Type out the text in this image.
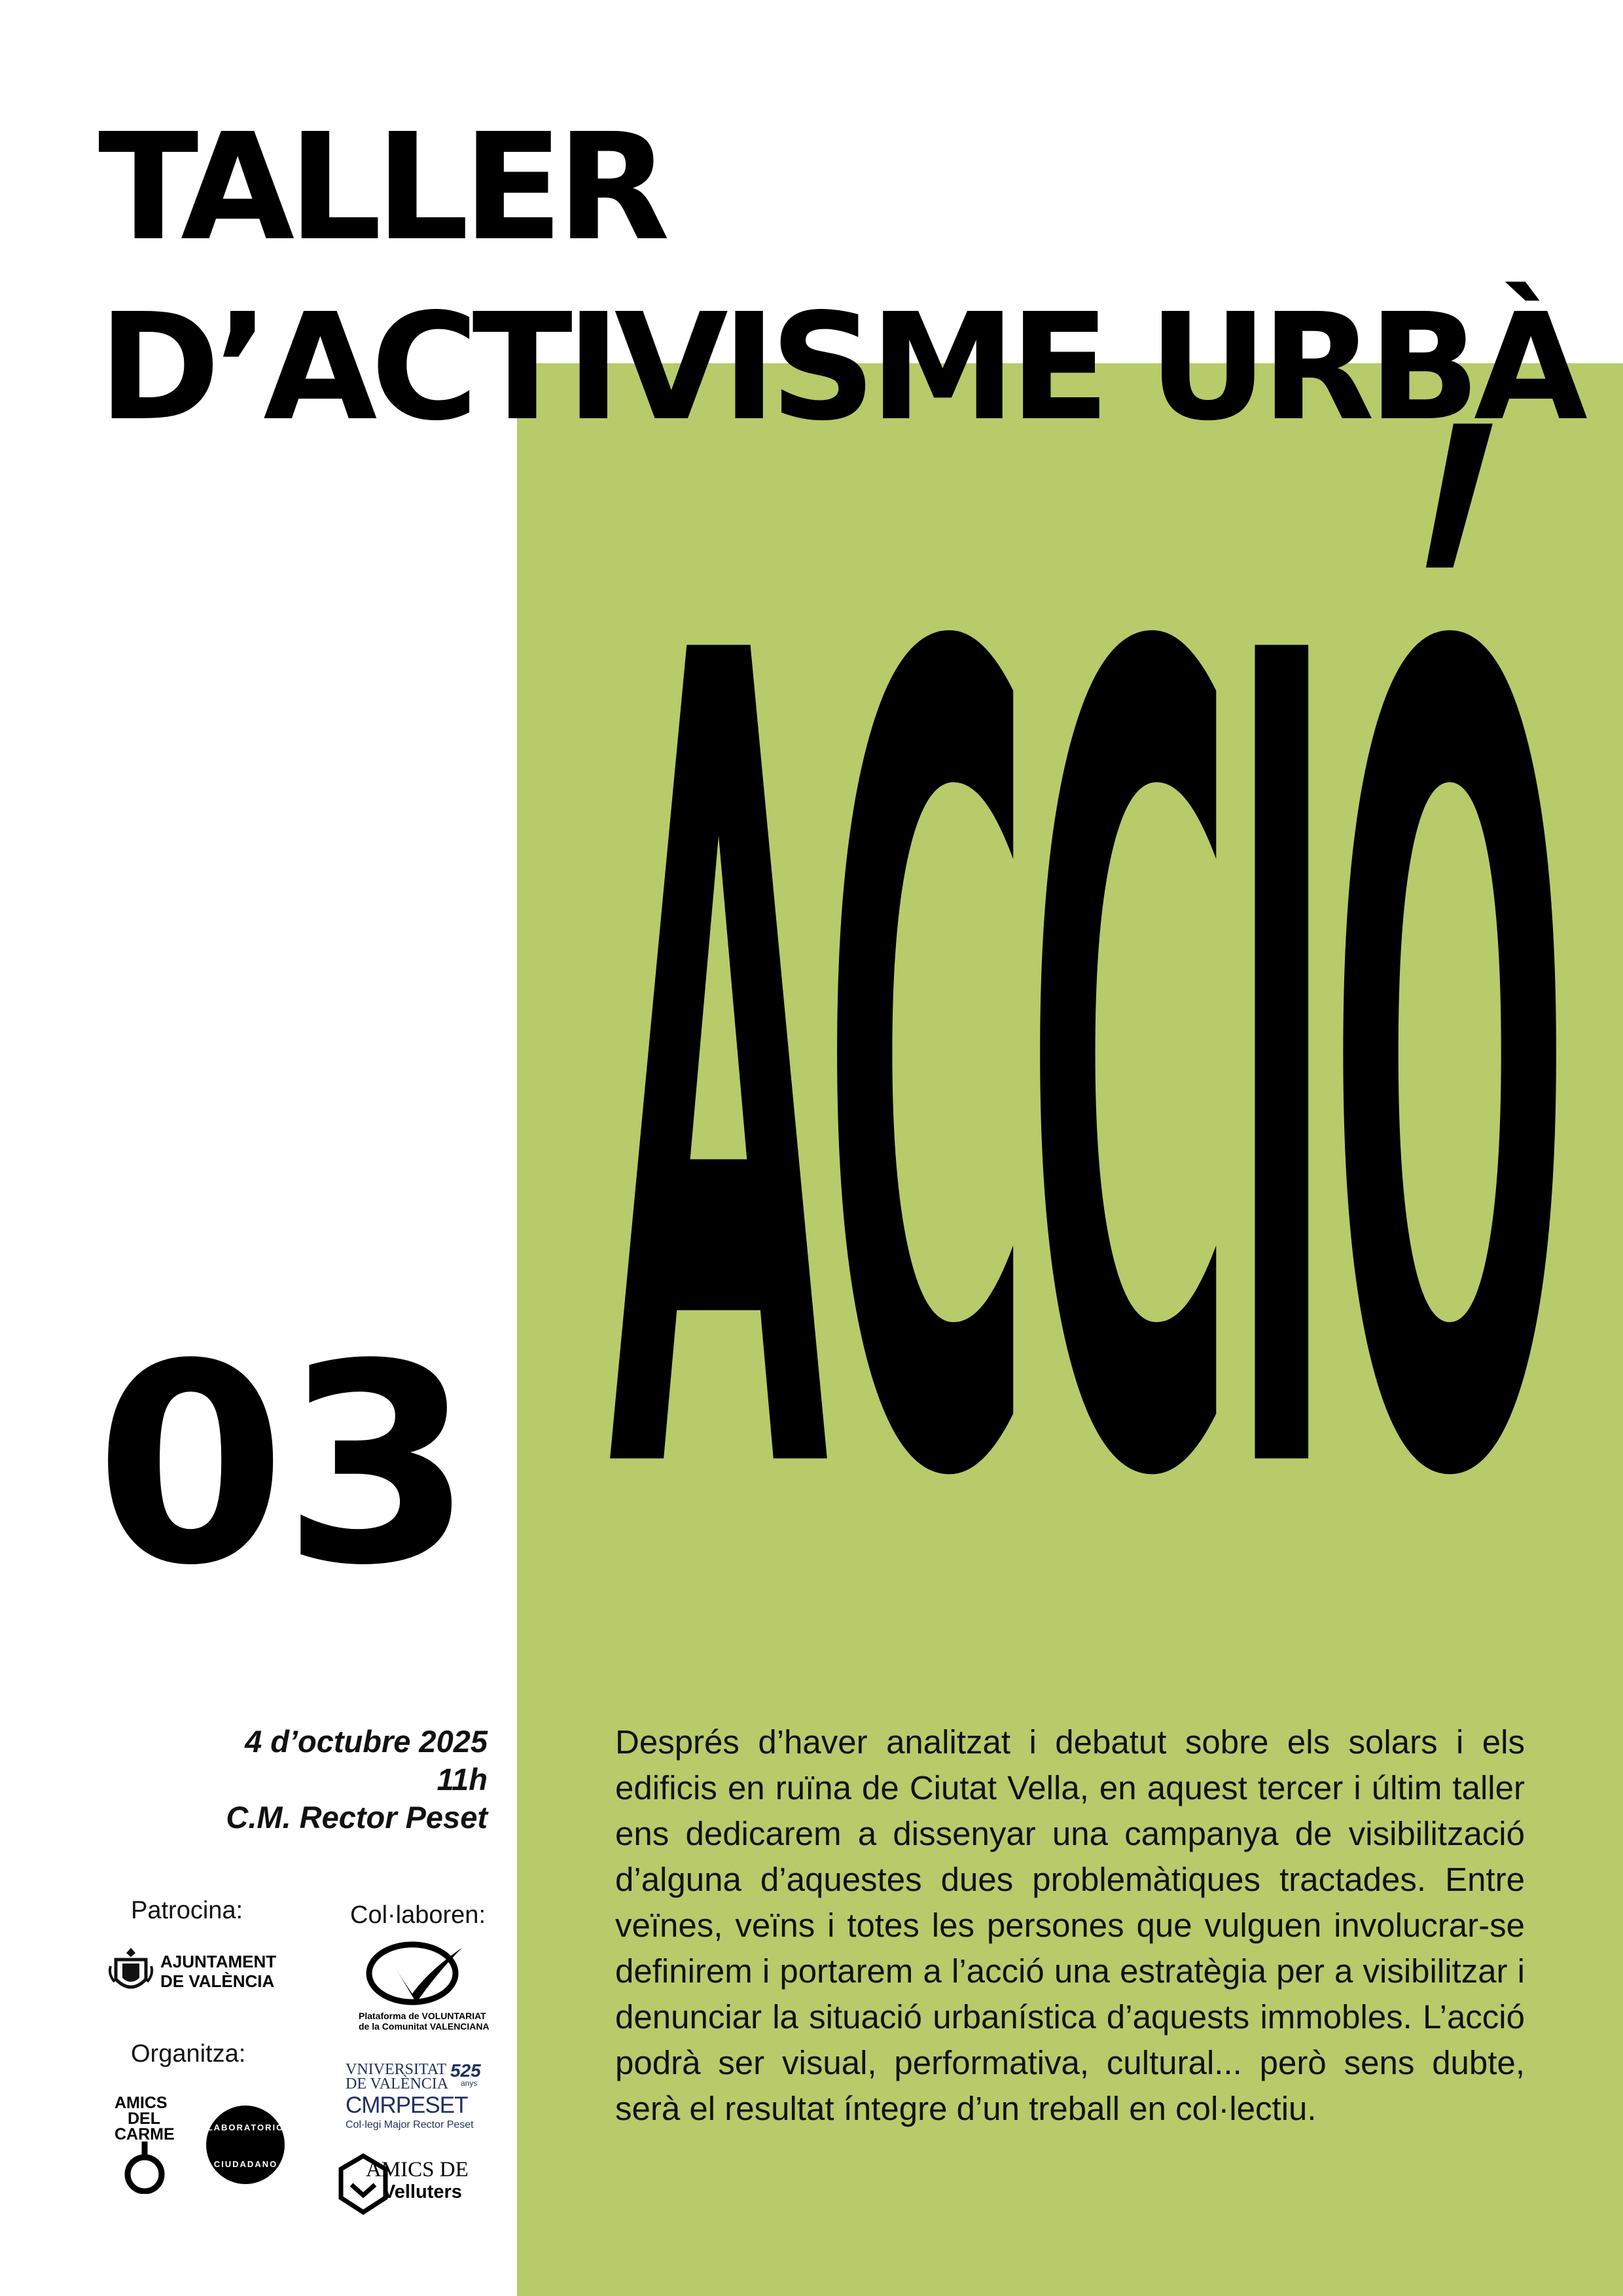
TALLER
D’ACTIVISME URBÀ
ACCIÓ
03
4 d’octubre 2025
11h
C.M. Rector Peset

Després d’haver analitzat i debatut sobre els solars i els edificis en ruïna de Ciutat Vella, en aquest tercer i últim taller ens dedicarem a dissenyar una campanya de visibilització d’alguna d’aquestes dues problemàtiques tractades. Entre veïnes, veïns i totes les persones que vulguen involucrar-se definirem i portarem a l’acció una estratègia per a visibilitzar i denunciar la situació urbanística d’aquests immobles. L’acció podrà ser visual, performativa, cultural... però sens dubte, serà el resultat íntegre d’un treball en col·lectiu.

Patrocina:	Col·laboren:
Organitza:
AJUNTAMENT
DE VALÈNCIA
Plataforma de VOLUNTARIAT
de la Comunitat VALENCIANA
VNIVERSITAT
DE VALÈNCIA
525
anys
CMRPESET
Col·legi Major Rector Peset
AMICS
DEL
CARME	LABORATORIO
CIUDADANO	AMICS DE
Velluters
